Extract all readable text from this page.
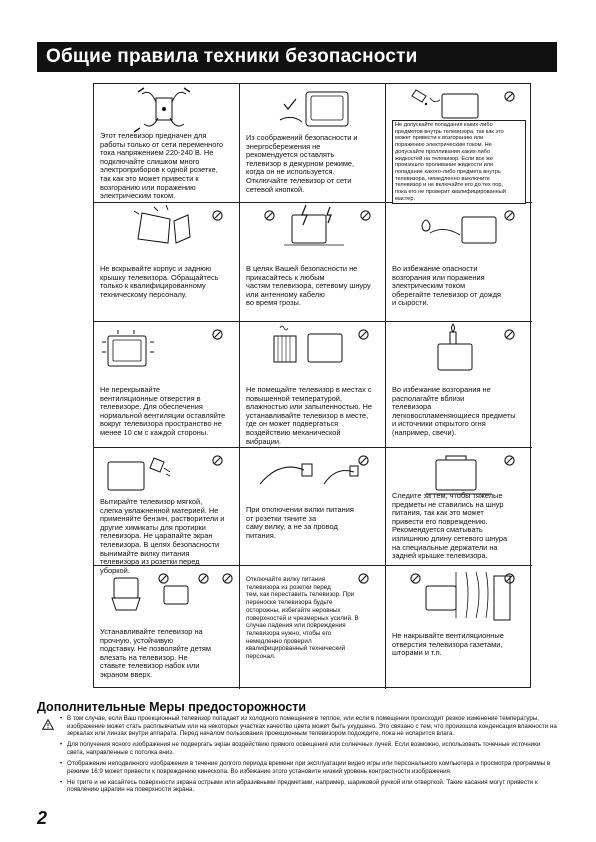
Общие правила техники безопасности
Этот телевизор предначен для
работы только от сети переменного
тока напряжением 220-240 В. Не
подключайте слишком много
электроприборов к одной розетке,
так как это может привести к
возгоранию или поражению
электрическим током.
Из соображений безопасности и
энергосбережения не
рекомендуется оставлять
телевизор в дежурном режиме,
когда он не используется.
Отключайте телевизор от сети
сетевой кнопкой.
Не допускайте попадания каких-либо
предметов внутрь телевизора, так как это
может привести к возгоранию или
поражению электрическим током. Не
допускайте пролливания каких-либо
жидкостей на телевизор. Если все же
произошло проливание жидкости или
попадание какого-либо предмета внутрь
телевизора, немедленно выключите
телевизор и не включайте его до тех пор,
пока его не проверит квалифицированный
мастер.
Не вскрывайте корпус и заднюю
крышку телевизора. Обращайтесь
только к квалифицированному
техническому персоналу.
В целях Вашей безопасности не
прикасайтесь к любым
частям телевизора, сетевому шнуру
или антенному кабелю
во время грозы.
Во избежание опасности
возгорания или поражения
электрическим током
оберегайте телевизор от дождя
и сырости.
Не перекрывайте
вентиляционные отверстия в
телевизоре. Для обеспечения
нормальной вентиляции оставляйте
вокруг телевизора пространство не
менее 10 см с каждой стороны.
Не помещайте телевизор в местах с
повышенной температурой,
влажностью или запыленностью. Не
устанавливайте телевизор в месте,
где он может подвергаться
воздействию механической
вибрации.
Во избежание возгорания не
располагайте вблизи
телевизора
легковоспламеняющиеся предметы
и источники открытого огня
(например, свечи).
Вытирайте телевизор мягкой,
слегка увлажненной материей. Не
применяйте бензин, растворители и
другие химикаты для протирки
телевизора. Не царапайте экран
телевизора. В целях безопасности
вынимайте вилку питания
телевизора из розетки перед
уборкой.
При отключении вилки питания
от розетки тяните за
саму вилку, а не за провод
питания.
Следите за тем, чтобы тяжелые
предметы не ставились на шнур
питания, так как это может
привести его повреждению.
Рекомендуется сматывать
излишнюю длину сетевого шнура
на специальные держатели на
задней крышке телевизора.
Устанавливайте телевизор на
прочную, устойчивую
подставку. Не позволяйте детям
влезать на телевизор. Не
ставьте телевизор набок или
экраном вверх.
Отключайте вилку питания
телевизора из розетки перед
тем, как переставить телевизор. При
переноске телевизора будьте
осторожны, избегайте неровных
поверхностей и чрезмерных усилий. В
случае падения или повреждения
телевизора нужно, чтобы его
немедленно проверил
квалифицированный технический
персонал.
Не накрывайте вентиляционные
отверстия телевизора газетами,
шторами и т.п.
Дополнительные Меры предосторожности
• В том случае, если Ваш проекционный телевизор попадает из холодного помещения в теплое, или если в помещении происходит резкое изменение температуры, изображение может стать расплывчатым или на некоторых участках качество цвета может быть ухудшено. Это связано с тем, что произошла конденсация влажности на зеркалах или линзах внутри аппарата. Перед началом пользования проекционным телевизором подождите, пока не испарится влага.
• Для получения ясного изображения не подвергать экран воздействию прямого освещения или солнечных лучей. Если возможно, использовать точечные источники света, направленные с потолка вниз.
• Отображение неподвижного изображения в течение долгого периода времени при эксплуатации видео игры или персонального компьютера и просмотра программы в режиме 16:9 может привести к повреждению кинескопа. Во избежание этого установите низкий уровень контрастности изображения.
• Не трите и не касайтесь поверхности экрана острыми или абразивными предметами, например, шариковой ручкой или отверткой. Такие касания могут привести к появлению царапин на поверхности экрана.
2
